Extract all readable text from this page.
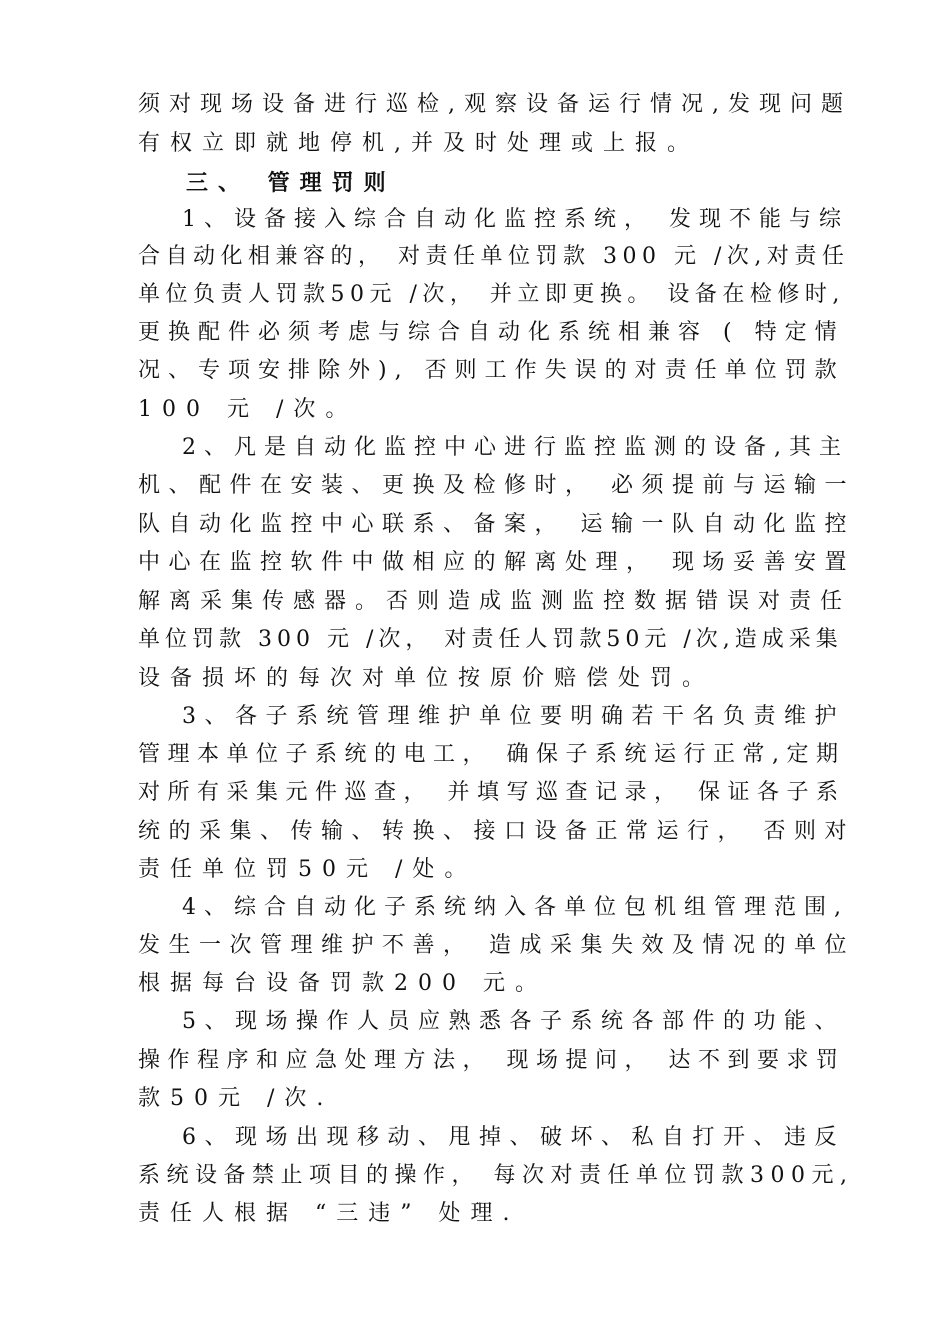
须对现场设备进行巡检,观察设备运行情况,发现问题
有权立即就地停机,并及时处理或上报。
三、 管理罚则
1、设备接入综合自动化监控系统， 发现不能与综
合自动化相兼容的， 对责任单位罚款 300 元 /次,对责任
单位负责人罚款50元 /次， 并立即更换。 设备在检修时,
更换配件必须考虑与综合自动化系统相兼容 ( 特定情
况、专项安排除外), 否则工作失误的对责任单位罚款
100 元 /次。
2、凡是自动化监控中心进行监控监测的设备,其主
机、配件在安装、更换及检修时， 必须提前与运输一
队自动化监控中心联系、备案， 运输一队自动化监控
中心在监控软件中做相应的解离处理， 现场妥善安置
解离采集传感器。否则造成监测监控数据错误对责任
单位罚款 300 元 /次， 对责任人罚款50元 /次,造成采集
设备损坏的每次对单位按原价赔偿处罚。
3、各子系统管理维护单位要明确若干名负责维护
管理本单位子系统的电工， 确保子系统运行正常,定期
对所有采集元件巡查， 并填写巡查记录， 保证各子系
统的采集、传输、转换、接口设备正常运行， 否则对
责任单位罚50元 /处。
4、综合自动化子系统纳入各单位包机组管理范围,
发生一次管理维护不善， 造成采集失效及情况的单位
根据每台设备罚款200 元。
5、现场操作人员应熟悉各子系统各部件的功能、
操作程序和应急处理方法， 现场提问， 达不到要求罚
款50元 /次.
6、现场出现移动、甩掉、破坏、私自打开、违反
系统设备禁止项目的操作， 每次对责任单位罚款300元,
责任人根据 “三违” 处理.
